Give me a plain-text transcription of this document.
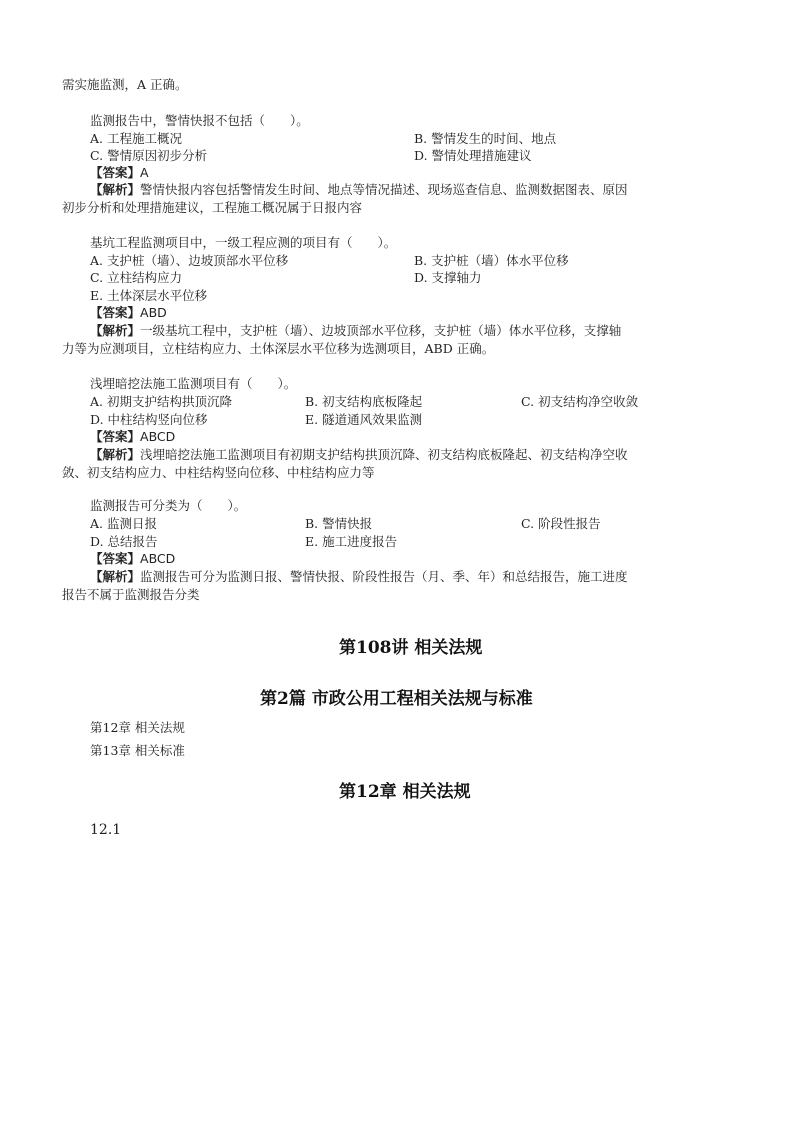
需实施监测，A 正确。
监测报告中，警情快报不包括（　　）。
A. 工程施工概况	B. 警情发生的时间、地点
C. 警情原因初步分析	D. 警情处理措施建议
【答案】A
【解析】警情快报内容包括警情发生时间、地点等情况描述、现场巡查信息、监测数据图表、原因
初步分析和处理措施建议，工程施工概况属于日报内容
基坑工程监测项目中，一级工程应测的项目有（　　）。
A. 支护桩（墙）、边坡顶部水平位移	B. 支护桩（墙）体水平位移
C. 立柱结构应力	D. 支撑轴力
E. 土体深层水平位移
【答案】ABD
【解析】一级基坑工程中，支护桩（墙）、边坡顶部水平位移，支护桩（墙）体水平位移，支撑轴
力等为应测项目，立柱结构应力、土体深层水平位移为选测项目，ABD 正确。
浅埋暗挖法施工监测项目有（　　）。
A. 初期支护结构拱顶沉降	B. 初支结构底板隆起	C. 初支结构净空收敛
D. 中柱结构竖向位移	E. 隧道通风效果监测
【答案】ABCD
【解析】浅埋暗挖法施工监测项目有初期支护结构拱顶沉降、初支结构底板隆起、初支结构净空收
敛、初支结构应力、中柱结构竖向位移、中柱结构应力等
监测报告可分类为（　　）。
A. 监测日报	B. 警情快报	C. 阶段性报告
D. 总结报告	E. 施工进度报告
【答案】ABCD
【解析】监测报告可分为监测日报、警情快报、阶段性报告（月、季、年）和总结报告，施工进度
报告不属于监测报告分类
第108讲 相关法规
第2篇 市政公用工程相关法规与标准
第12章 相关法规
第13章 相关标准
第12章 相关法规
12.1
